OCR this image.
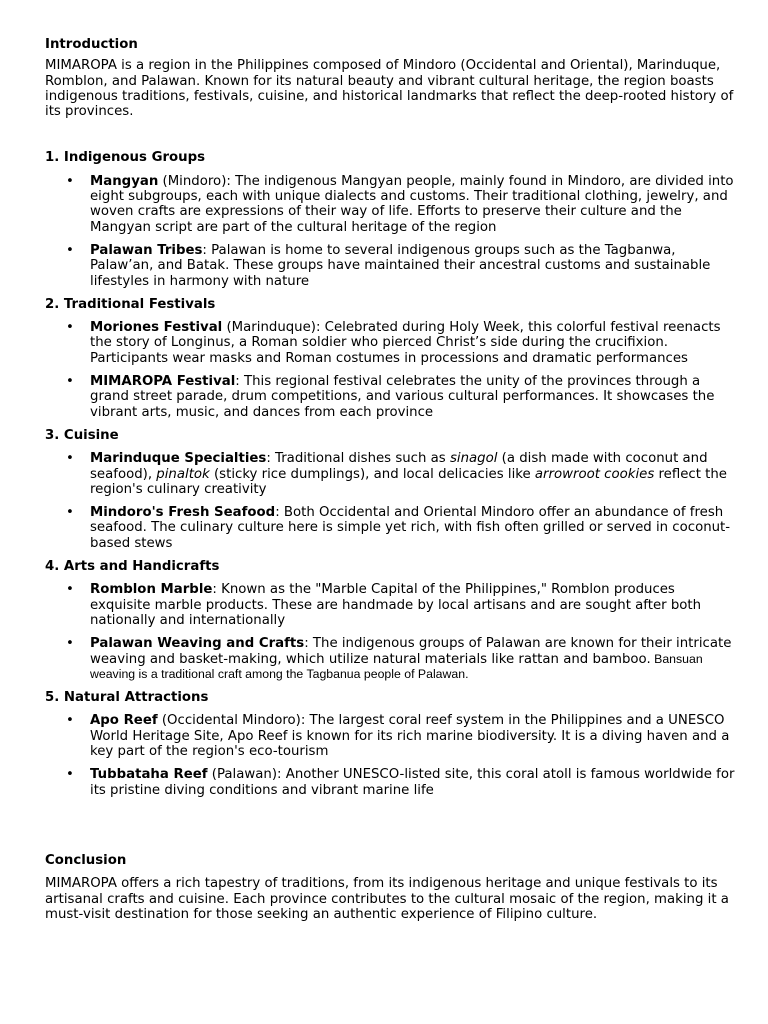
Introduction

MIMAROPA is a region in the Philippines composed of Mindoro (Occidental and Oriental), Marinduque, Romblon, and Palawan. Known for its natural beauty and vibrant cultural heritage, the region boasts indigenous traditions, festivals, cuisine, and historical landmarks that reflect the deep-rooted history of its provinces.

1. Indigenous Groups
• Mangyan (Mindoro): The indigenous Mangyan people, mainly found in Mindoro, are divided into eight subgroups, each with unique dialects and customs. Their traditional clothing, jewelry, and woven crafts are expressions of their way of life. Efforts to preserve their culture and the Mangyan script are part of the cultural heritage of the region
• Palawan Tribes: Palawan is home to several indigenous groups such as the Tagbanwa, Palaw’an, and Batak. These groups have maintained their ancestral customs and sustainable lifestyles in harmony with nature
2. Traditional Festivals
• Moriones Festival (Marinduque): Celebrated during Holy Week, this colorful festival reenacts the story of Longinus, a Roman soldier who pierced Christ’s side during the crucifixion. Participants wear masks and Roman costumes in processions and dramatic performances
• MIMAROPA Festival: This regional festival celebrates the unity of the provinces through a grand street parade, drum competitions, and various cultural performances. It showcases the vibrant arts, music, and dances from each province
3. Cuisine
• Marinduque Specialties: Traditional dishes such as sinagol (a dish made with coconut and seafood), pinaltok (sticky rice dumplings), and local delicacies like arrowroot cookies reflect the region's culinary creativity
• Mindoro's Fresh Seafood: Both Occidental and Oriental Mindoro offer an abundance of fresh seafood. The culinary culture here is simple yet rich, with fish often grilled or served in coconut-based stews
4. Arts and Handicrafts
• Romblon Marble: Known as the "Marble Capital of the Philippines," Romblon produces exquisite marble products. These are handmade by local artisans and are sought after both nationally and internationally
• Palawan Weaving and Crafts: The indigenous groups of Palawan are known for their intricate weaving and basket-making, which utilize natural materials like rattan and bamboo. Bansuan weaving is a traditional craft among the Tagbanua people of Palawan.
5. Natural Attractions
• Apo Reef (Occidental Mindoro): The largest coral reef system in the Philippines and a UNESCO World Heritage Site, Apo Reef is known for its rich marine biodiversity. It is a diving haven and a key part of the region's eco-tourism
• Tubbataha Reef (Palawan): Another UNESCO-listed site, this coral atoll is famous worldwide for its pristine diving conditions and vibrant marine life
Conclusion

MIMAROPA offers a rich tapestry of traditions, from its indigenous heritage and unique festivals to its artisanal crafts and cuisine. Each province contributes to the cultural mosaic of the region, making it a must-visit destination for those seeking an authentic experience of Filipino culture.
